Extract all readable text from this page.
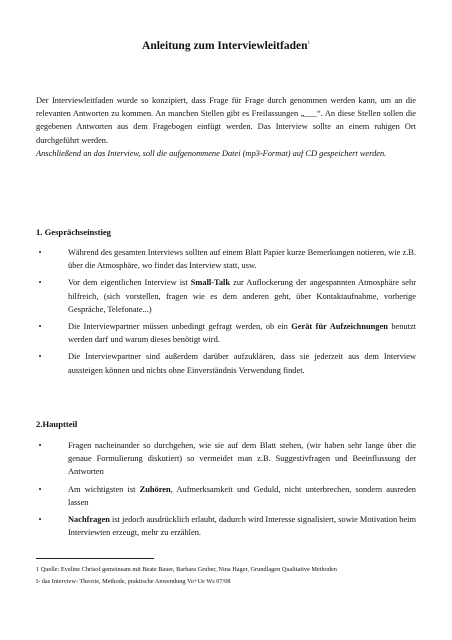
Anleitung zum Interviewleitfaden$^1$
Der Interviewleitfaden wurde so konzipiert, dass Frage für Frage durch genommen werden kann, um an die relevanten Antworten zu kommen. An manchen Stellen gibt es Freilassungen „___“. An diese Stellen sollen die gegebenen Antworten aus dem Fragebogen einfügt werden. Das Interview sollte an einem ruhigen Ort durchgeführt werden.
Anschließend an das Interview, soll die aufgenommene Datei (mp3-Format) auf CD gespeichert werden.
1. Gesprächseinstieg
•	Während des gesamten Interviews sollten auf einem Blatt Papier kurze Bemerkungen notieren, wie z.B. über die Atmosphäre, wo findet das Interview statt, usw.
•	Vor dem eigentlichen Interview ist Small-Talk zur Auflockerung der angespannten Atmosphäre sehr hilfreich, (sich vorstellen, fragen wie es dem anderen geht, über Kontaktaufnahme, vorherige Gespräche, Telefonate...)
•	Die Interviewpartner müssen unbedingt gefragt werden, ob ein Gerät für Aufzeichnungen benutzt werden darf und warum dieses benötigt wird.
•	Die Interviewpartner sind außerdem darüber aufzuklären, dass sie jederzeit aus dem Interview aussteigen können und nichts ohne Einverständnis Verwendung findet.
2.Hauptteil
•	Fragen nacheinander so durchgehen, wie sie auf dem Blatt stehen, (wir haben sehr lange über die genaue Formulierung diskutiert) so vermeidet man z.B. Suggestivfragen und Beeinflussung der Antworten
•	Am wichtigsten ist Zuhören, Aufmerksamkeit und Geduld, nicht unterbrechen, sondern ausreden lassen
•	Nachfragen ist jedoch ausdrücklich erlaubt, dadurch wird Interesse signalisiert, sowie Motivation beim Interviewten erzeugt, mehr zu erzählen.
1 Quelle: Eveline Chrisof gemeinsam mit Beate Bauer, Barbara Gruber, Nina Hager, Grundlagen Qualitative Methoden
I- das Interview- Theorie, Methode, praktische Anwendung Vo+Ue Ws 07/08
